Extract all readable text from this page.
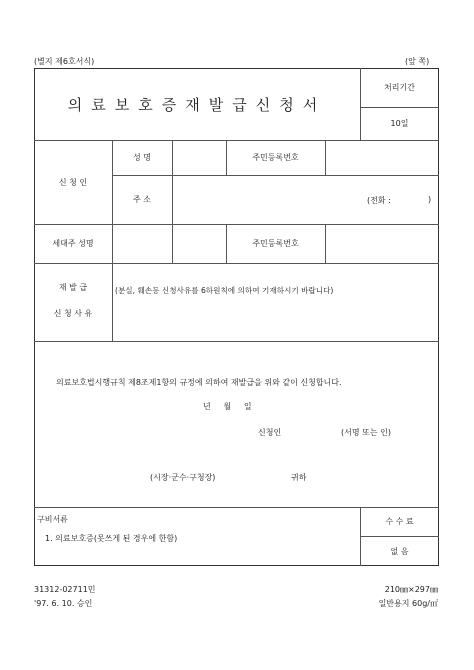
(별지 제6호서식)	(앞 쪽)
의료보호증재발급신청서
처리기간
10일
신 청 인
성 명	주민등록번호
주 소	(전화 :	)
세대주 성명	주민등록번호
재 발 급
신 청 사 유
(분실, 훼손등 신청사유를 6하원칙에 의하여 기재하시기 바랍니다)
의료보호법시행규칙 제8조제1항의 규정에 의하여 재발급을 위와 같이 신청합니다.
년     월     일
신청인	(서명 또는 인)
(시장·군수·구청장)	귀하
구비서류
1. 의료보호증(못쓰게 된 경우에 한함)
수 수 료
없 음
31312-02711민
'97. 6. 10. 승인
210㎜×297㎜
일반용지 60g/㎡
